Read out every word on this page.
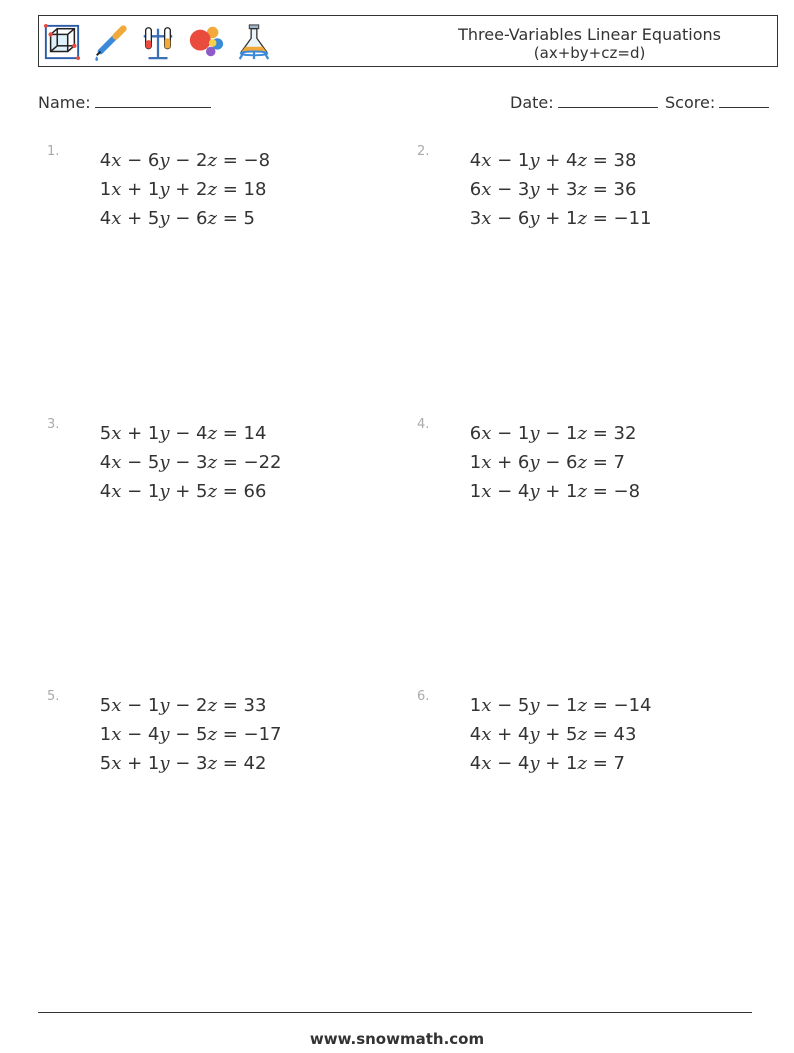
Three-Variables Linear Equations
(ax+by+cz=d)
Name:	Date:	Score:
1. 4x − 6y − 2z = −8
1x + 1y + 2z = 18
4x + 5y − 6z = 5
2. 4x − 1y + 4z = 38
6x − 3y + 3z = 36
3x − 6y + 1z = −11
3. 5x + 1y − 4z = 14
4x − 5y − 3z = −22
4x − 1y + 5z = 66
4. 6x − 1y − 1z = 32
1x + 6y − 6z = 7
1x − 4y + 1z = −8
5. 5x − 1y − 2z = 33
1x − 4y − 5z = −17
5x + 1y − 3z = 42
6. 1x − 5y − 1z = −14
4x + 4y + 5z = 43
4x − 4y + 1z = 7
www.snowmath.com
